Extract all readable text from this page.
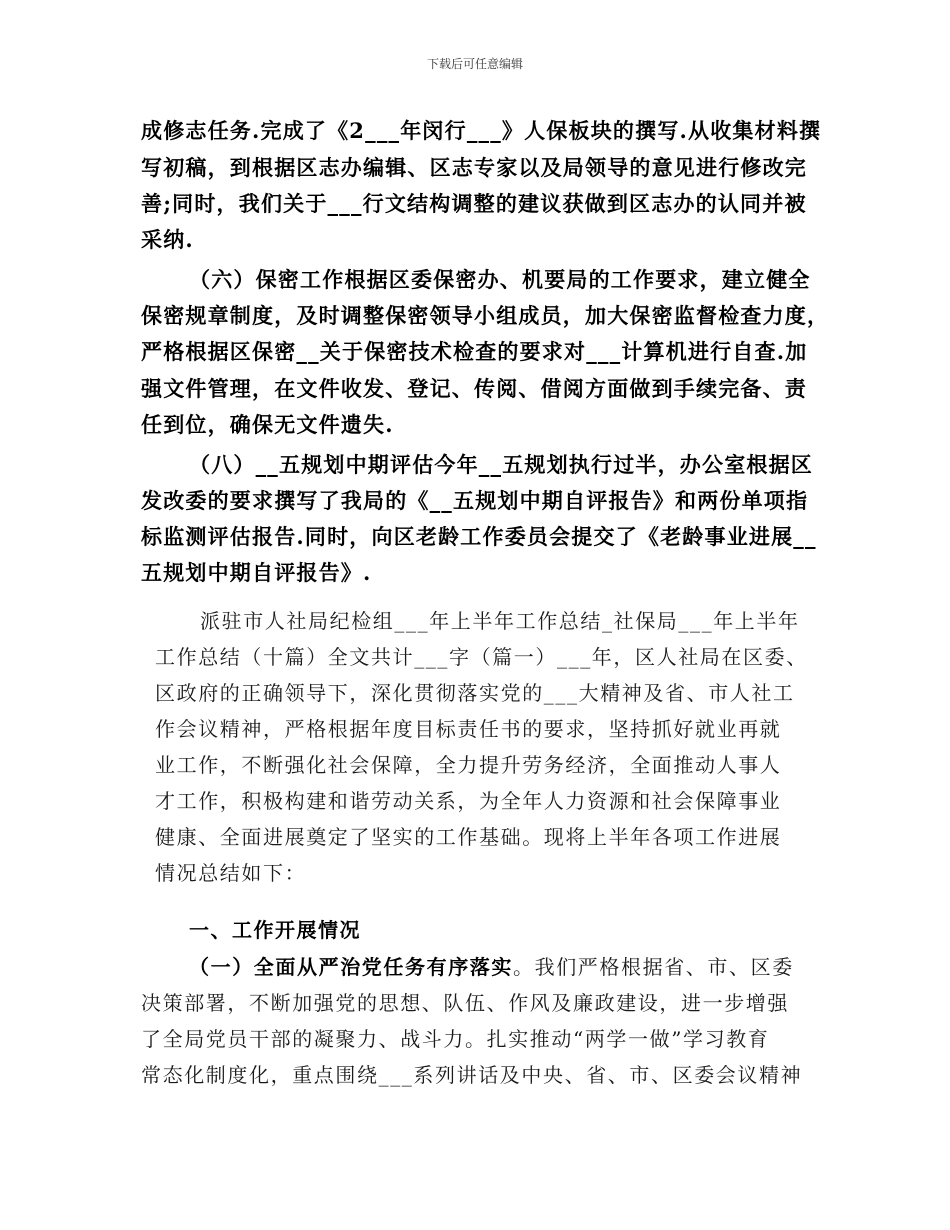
下载后可任意编辑

成修志任务.完成了《2___年闵行___》人保板块的撰写.从收集材料撰

写初稿，到根据区志办编辑、区志专家以及局领导的意见进行修改完

善;同时，我们关于___行文结构调整的建议获做到区志办的认同并被

采纳.

（六）保密工作根据区委保密办、机要局的工作要求，建立健全

保密规章制度，及时调整保密领导小组成员，加大保密监督检查力度，

严格根据区保密__关于保密技术检查的要求对___计算机进行自查.加

强文件管理，在文件收发、登记、传阅、借阅方面做到手续完备、责

任到位，确保无文件遗失.

（八）__五规划中期评估今年__五规划执行过半，办公室根据区

发改委的要求撰写了我局的《__五规划中期自评报告》和两份单项指

标监测评估报告.同时，向区老龄工作委员会提交了《老龄事业进展__

五规划中期自评报告》.

派驻市人社局纪检组___年上半年工作总结_社保局___年上半年

工作总结（十篇）全文共计___字（篇一）___年，区人社局在区委、

区政府的正确领导下，深化贯彻落实党的___大精神及省、市人社工

作会议精神，严格根据年度目标责任书的要求，坚持抓好就业再就

业工作，不断强化社会保障，全力提升劳务经济，全面推动人事人

才工作，积极构建和谐劳动关系，为全年人力资源和社会保障事业

健康、全面进展奠定了坚实的工作基础。现将上半年各项工作进展

情况总结如下：

一、工作开展情况

（一）全面从严治党任务有序落实。我们严格根据省、市、区委

决策部署，不断加强党的思想、队伍、作风及廉政建设，进一步增强

了全局党员干部的凝聚力、战斗力。扎实推动“两学一做”学习教育

常态化制度化，重点围绕___系列讲话及中央、省、市、区委会议精神
